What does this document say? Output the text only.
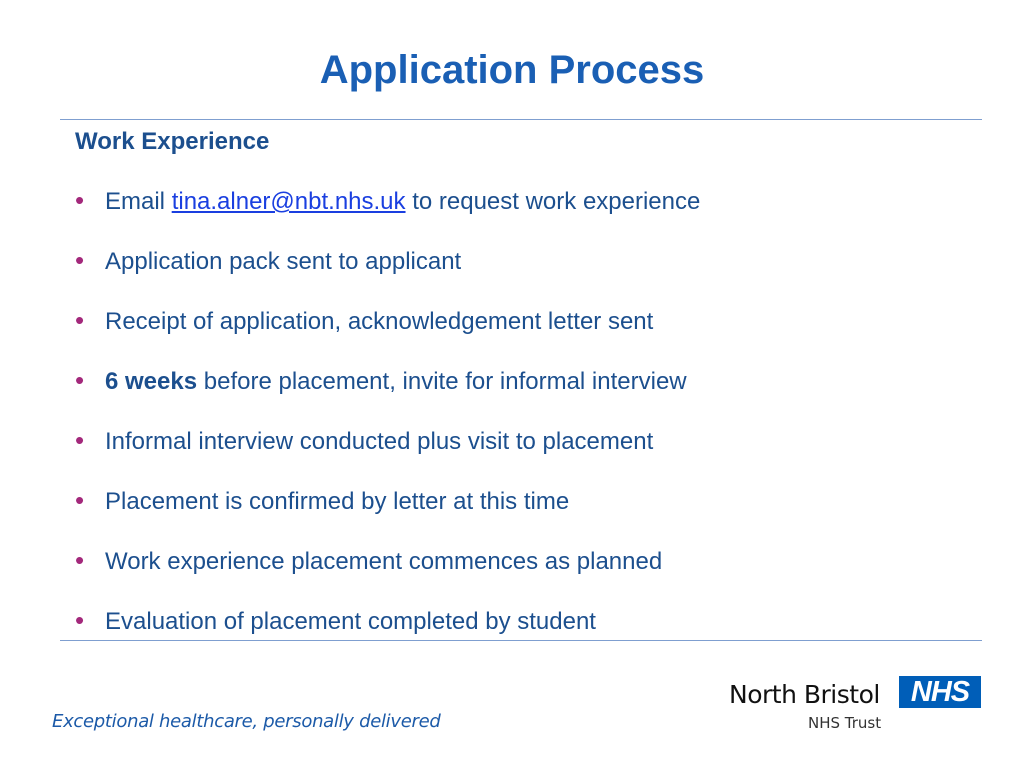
Application Process
Work Experience
• Email tina.alner@nbt.nhs.uk to request work experience
• Application pack sent to applicant
• Receipt of application, acknowledgement letter sent
• 6 weeks before placement, invite for informal interview
• Informal interview conducted plus visit to placement
• Placement is confirmed by letter at this time
• Work experience placement commences as planned
• Evaluation of placement completed by student
Exceptional healthcare, personally delivered
North Bristol
NHS Trust
NHS
